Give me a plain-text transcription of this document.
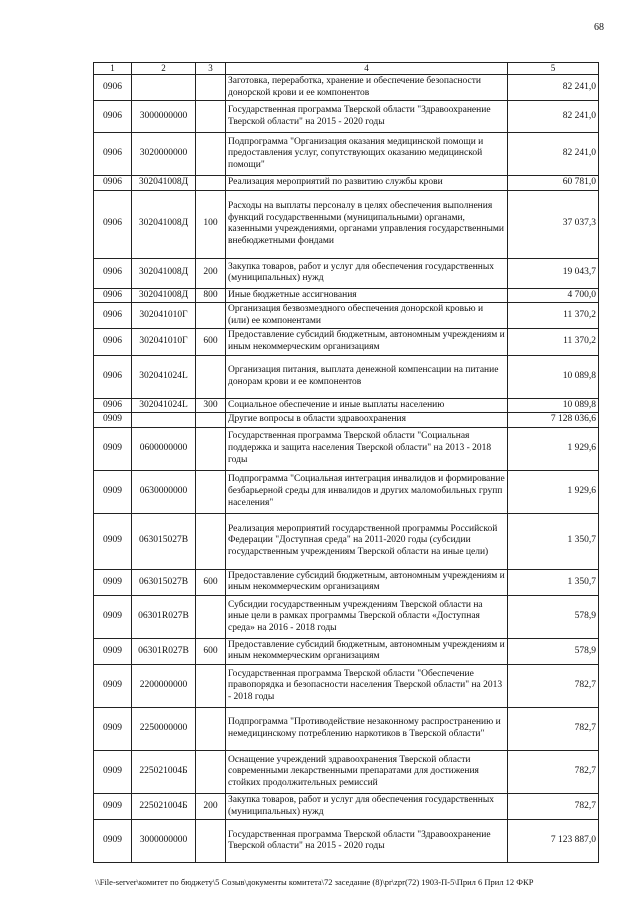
68
1	2	3	4	5
0906			Заготовка, переработка, хранение и обеспечение безопасности донорской крови и ее компонентов	82 241,0
0906	3000000000		Государственная программа Тверской области "Здравоохранение Тверской области" на 2015 - 2020 годы	82 241,0
0906	3020000000		Подпрограмма "Организация оказания медицинской помощи и предоставления услуг, сопутствующих оказанию медицинской помощи"	82 241,0
0906	302041008Д		Реализация мероприятий по развитию службы крови	60 781,0
0906	302041008Д	100	Расходы на выплаты персоналу в целях обеспечения выполнения функций государственными (муниципальными) органами, казенными учреждениями, органами управления государственными внебюджетными фондами	37 037,3
0906	302041008Д	200	Закупка товаров, работ и услуг для обеспечения государственных (муниципальных) нужд	19 043,7
0906	302041008Д	800	Иные бюджетные ассигнования	4 700,0
0906	302041010Г		Организация безвозмездного обеспечения донорской кровью и (или) ее компонентами	11 370,2
0906	302041010Г	600	Предоставление субсидий бюджетным, автономным учреждениям и иным некоммерческим организациям	11 370,2
0906	302041024L		Организация питания, выплата денежной компенсации на питание донорам крови и ее компонентов	10 089,8
0906	302041024L	300	Социальное обеспечение и иные выплаты населению	10 089,8
0909			Другие вопросы в области здравоохранения	7 128 036,6
0909	0600000000		Государственная программа Тверской области "Социальная поддержка и защита населения Тверской области" на 2013 - 2018 годы	1 929,6
0909	0630000000		Подпрограмма "Социальная интеграция инвалидов и формирование безбарьерной среды для инвалидов и других маломобильных групп населения"	1 929,6
0909	063015027В		Реализация мероприятий государственной программы Российской Федерации "Доступная среда" на 2011-2020 годы (субсидии государственным учреждениям Тверской области на иные цели)	1 350,7
0909	063015027В	600	Предоставление субсидий бюджетным, автономным учреждениям и иным некоммерческим организациям	1 350,7
0909	06301R027В		Субсидии государственным учреждениям Тверской области на иные цели в рамках программы Тверской области «Доступная среда» на 2016 - 2018 годы	578,9
0909	06301R027В	600	Предоставление субсидий бюджетным, автономным учреждениям и иным некоммерческим организациям	578,9
0909	2200000000		Государственная программа Тверской области "Обеспечение правопорядка и безопасности населения Тверской области" на 2013 - 2018 годы	782,7
0909	2250000000		Подпрограмма "Противодействие незаконному распространению и немедицинскому потреблению наркотиков в Тверской области"	782,7
0909	225021004Б		Оснащение учреждений здравоохранения Тверской области современными лекарственными препаратами для достижения стойких продолжительных ремиссий	782,7
0909	225021004Б	200	Закупка товаров, работ и услуг для обеспечения государственных (муниципальных) нужд	782,7
0909	3000000000		Государственная программа Тверской области "Здравоохранение Тверской области" на 2015 - 2020 годы	7 123 887,0
\\File-server\комитет по бюджету\5 Созыв\документы комитета\72 заседание (8)\pr\zpr(72) 1903-П-5\Прил 6 Прил 12 ФКР
